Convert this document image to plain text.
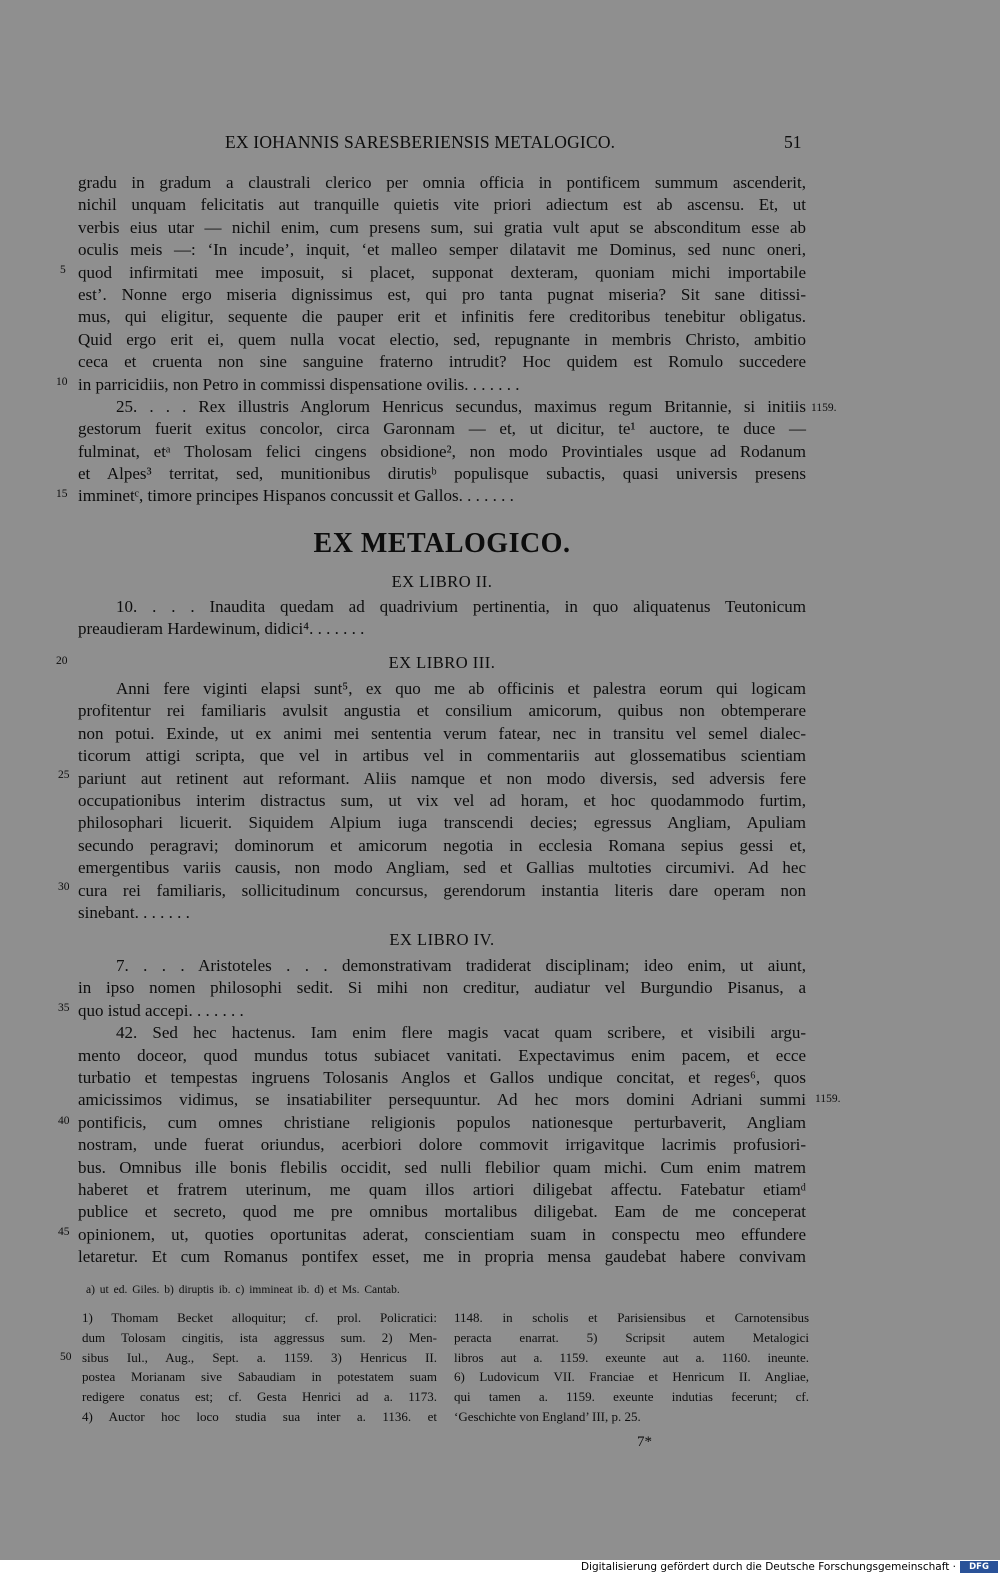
EX IOHANNIS SARESBERIENSIS METALOGICO.	51
gradu in gradum a claustrali clerico per omnia officia in pontificem summum ascenderit,
nichil unquam felicitatis aut tranquille quietis vite priori adiectum est ab ascensu. Et, ut
verbis eius utar — nichil enim, cum presens sum, sui gratia vult aput se absconditum esse ab
oculis meis —: ‘In incude’, inquit, ‘et malleo semper dilatavit me Dominus, sed nunc oneri,
quod infirmitati mee imposuit, si placet, supponat dexteram, quoniam michi importabile
est’. Nonne ergo miseria dignissimus est, qui pro tanta pugnat miseria? Sit sane ditissi-
mus, qui eligitur, sequente die pauper erit et infinitis fere creditoribus tenebitur obligatus.
Quid ergo erit ei, quem nulla vocat electio, sed, repugnante in membris Christo, ambitio
ceca et cruenta non sine sanguine fraterno intrudit? Hoc quidem est Romulo succedere
in parricidiis, non Petro in commissi dispensatione ovilis. . . . . . .
25. . . . Rex illustris Anglorum Henricus secundus, maximus regum Britannie, si initiis
gestorum fuerit exitus concolor, circa Garonnam — et, ut dicitur, te¹ auctore, te duce —
fulminat, etᵃ Tholosam felici cingens obsidione², non modo Provintiales usque ad Rodanum
et Alpes³ territat, sed, munitionibus dirutisᵇ populisque subactis, quasi universis presens
imminetᶜ, timore principes Hispanos concussit et Gallos. . . . . . .
EX METALOGICO.
EX LIBRO II.
10. . . . Inaudita quedam ad quadrivium pertinentia, in quo aliquatenus Teutonicum
preaudieram Hardewinum, didici⁴. . . . . . .
EX LIBRO III.
Anni fere viginti elapsi sunt⁵, ex quo me ab officinis et palestra eorum qui logicam
profitentur rei familiaris avulsit angustia et consilium amicorum, quibus non obtemperare
non potui. Exinde, ut ex animi mei sententia verum fatear, nec in transitu vel semel dialec-
ticorum attigi scripta, que vel in artibus vel in commentariis aut glossematibus scientiam
pariunt aut retinent aut reformant. Aliis namque et non modo diversis, sed adversis fere
occupationibus interim distractus sum, ut vix vel ad horam, et hoc quodammodo furtim,
philosophari licuerit. Siquidem Alpium iuga transcendi decies; egressus Angliam, Apuliam
secundo peragravi; dominorum et amicorum negotia in ecclesia Romana sepius gessi et,
emergentibus variis causis, non modo Angliam, sed et Gallias multoties circumivi. Ad hec
cura rei familiaris, sollicitudinum concursus, gerendorum instantia literis dare operam non
sinebant. . . . . . .
EX LIBRO IV.
7. . . . Aristoteles . . . demonstrativam tradiderat disciplinam; ideo enim, ut aiunt,
in ipso nomen philosophi sedit. Si mihi non creditur, audiatur vel Burgundio Pisanus, a
quo istud accepi. . . . . . .
42. Sed hec hactenus. Iam enim flere magis vacat quam scribere, et visibili argu-
mento doceor, quod mundus totus subiacet vanitati. Expectavimus enim pacem, et ecce
turbatio et tempestas ingruens Tolosanis Anglos et Gallos undique concitat, et reges⁶, quos
amicissimos vidimus, se insatiabiliter persequuntur. Ad hec mors domini Adriani summi
pontificis, cum omnes christiane religionis populos nationesque perturbaverit, Angliam
nostram, unde fuerat oriundus, acerbiori dolore commovit irrigavitque lacrimis profusiori-
bus. Omnibus ille bonis flebilis occidit, sed nulli flebilior quam michi. Cum enim matrem
haberet et fratrem uterinum, me quam illos artiori diligebat affectu. Fatebatur etiamᵈ
publice et secreto, quod me pre omnibus mortalibus diligebat. Eam de me conceperat
opinionem, ut, quoties oportunitas aderat, conscientiam suam in conspectu meo effundere
letaretur. Et cum Romanus pontifex esset, me in propria mensa gaudebat habere convivam
5
10
15
20
25
30
35
40
45
50
1159.
1159.
a) ut ed. Giles. b) diruptis ib. c) immineat ib. d) et Ms. Cantab.
1) Thomam Becket alloquitur; cf. prol. Policratici:
dum Tolosam cingitis, ista aggressus sum. 2) Men-
sibus Iul., Aug., Sept. a. 1159. 3) Henricus II.
postea Morianam sive Sabaudiam in potestatem suam
redigere conatus est; cf. Gesta Henrici ad a. 1173.
4) Auctor hoc loco studia sua inter a. 1136. et
1148. in scholis et Parisiensibus et Carnotensibus
peracta enarrat. 5) Scripsit autem Metalogici
libros aut a. 1159. exeunte aut a. 1160. ineunte.
6) Ludovicum VII. Franciae et Henricum II. Angliae,
qui tamen a. 1159. exeunte indutias fecerunt; cf.
‘Geschichte von England’ III, p. 25.
7*
Digitalisierung gefördert durch die Deutsche Forschungsgemeinschaft ·	DFG
